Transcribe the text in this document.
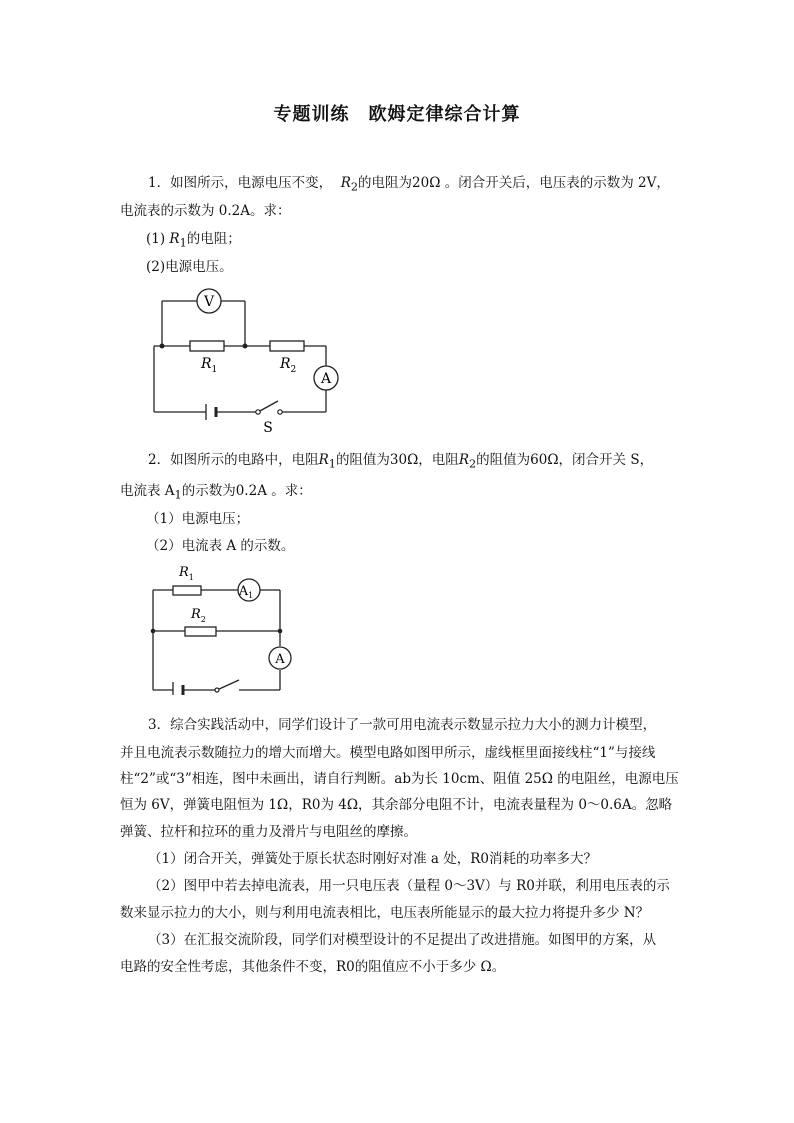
专题训练　欧姆定律综合计算
1．如图所示，电源电压不变， $R_2$的电阻为20Ω 。闭合开关后，电压表的示数为 2V，
电流表的示数为 0.2A。求：
(1) $R_1$的电阻；
(2)电源电压。
V
$R_1$	$R_2$
A
S
2．如图所示的电路中，电阻$R_1$的阻值为30Ω，电阻$R_2$的阻值为60Ω，闭合开关 S，
电流表 $A_1$的示数为0.2A 。求：
（1）电源电压；
（2）电流表 A 的示数。
$R_1$
$A_1$
$R_2$
A
3．综合实践活动中，同学们设计了一款可用电流表示数显示拉力大小的测力计模型，
并且电流表示数随拉力的增大而增大。模型电路如图甲所示，虚线框里面接线柱“1”与接线
柱“2”或“3”相连，图中未画出，请自行判断。ab为长 10cm、阻值 25Ω 的电阻丝，电源电压
恒为 6V，弹簧电阻恒为 1Ω，R0为 4Ω，其余部分电阻不计，电流表量程为 0～0.6A。忽略
弹簧、拉杆和拉环的重力及滑片与电阻丝的摩擦。
（1）闭合开关，弹簧处于原长状态时刚好对准 a 处，R0消耗的功率多大？
（2）图甲中若去掉电流表，用一只电压表（量程 0～3V）与 R0并联，利用电压表的示
数来显示拉力的大小，则与利用电流表相比，电压表所能显示的最大拉力将提升多少 N？
（3）在汇报交流阶段，同学们对模型设计的不足提出了改进措施。如图甲的方案，从
电路的安全性考虑，其他条件不变，R0的阻值应不小于多少 Ω。
